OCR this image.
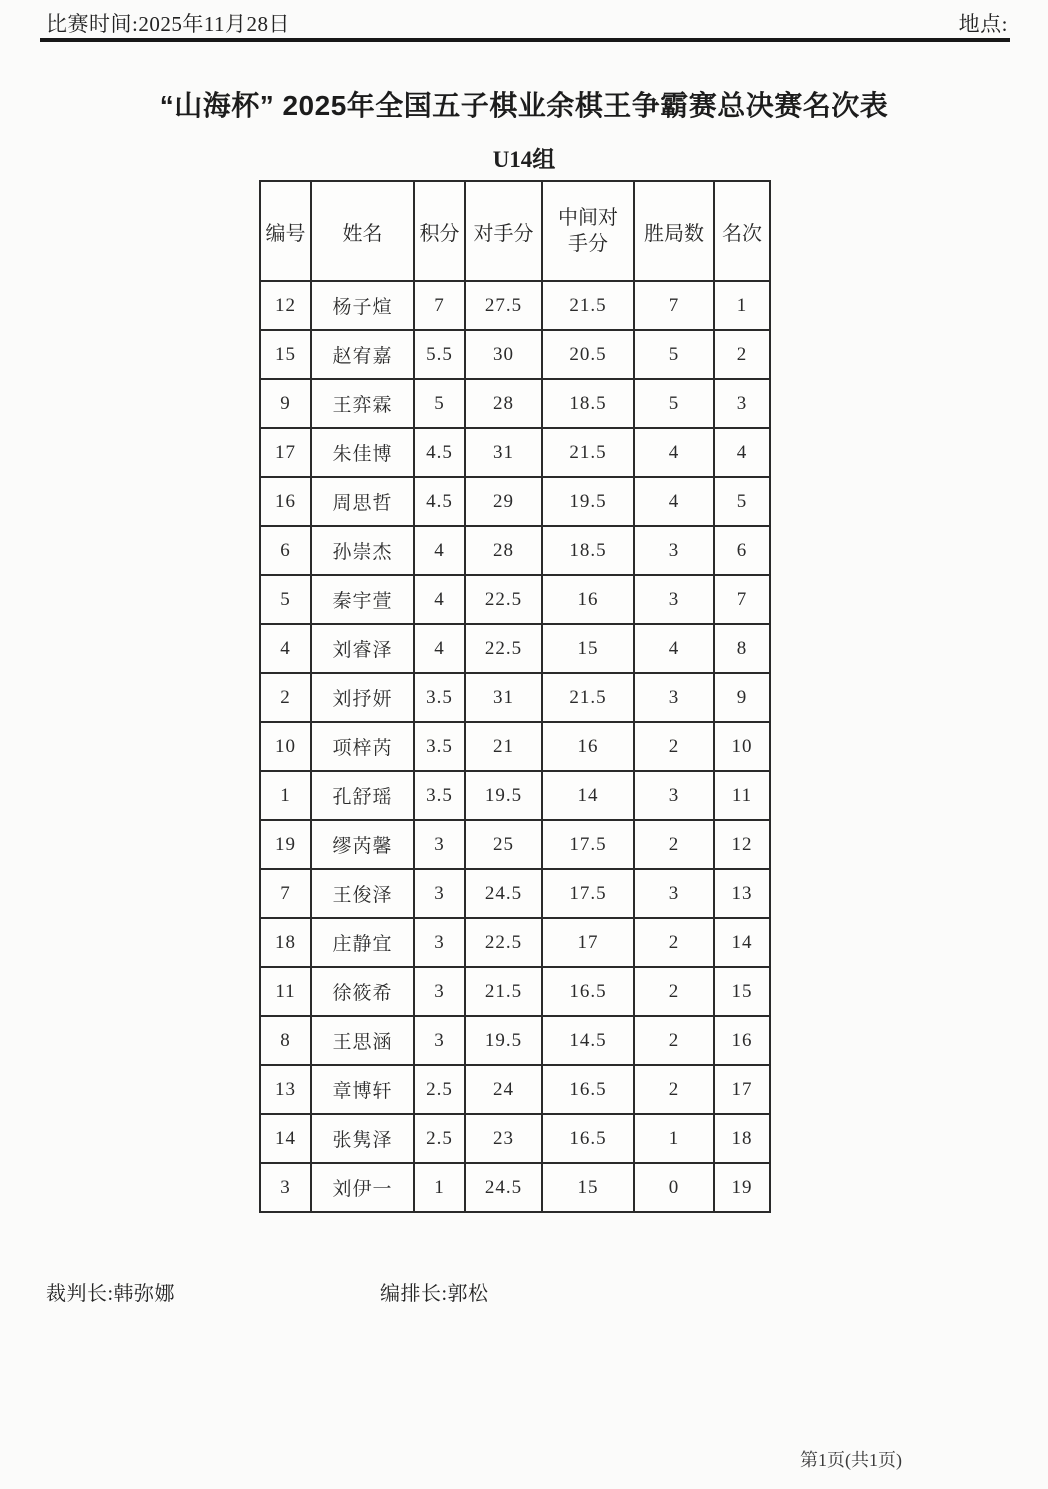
比赛时间:2025年11月28日	地点:
“山海杯” 2025年全国五子棋业余棋王争霸赛总决赛名次表
U14组
编号	姓名	积分	对手分	中间对手分	胜局数	名次
12	杨子煊	7	27.5	21.5	7	1
15	赵宥嘉	5.5	30	20.5	5	2
9	王弈霖	5	28	18.5	5	3
17	朱佳博	4.5	31	21.5	4	4
16	周思哲	4.5	29	19.5	4	5
6	孙崇杰	4	28	18.5	3	6
5	秦宇萱	4	22.5	16	3	7
4	刘睿泽	4	22.5	15	4	8
2	刘抒妍	3.5	31	21.5	3	9
10	项梓芮	3.5	21	16	2	10
1	孔舒瑶	3.5	19.5	14	3	11
19	缪芮馨	3	25	17.5	2	12
7	王俊泽	3	24.5	17.5	3	13
18	庄静宜	3	22.5	17	2	14
11	徐筱希	3	21.5	16.5	2	15
8	王思涵	3	19.5	14.5	2	16
13	章博轩	2.5	24	16.5	2	17
14	张隽泽	2.5	23	16.5	1	18
3	刘伊一	1	24.5	15	0	19
裁判长:韩弥娜	编排长:郭松
第1页(共1页)
